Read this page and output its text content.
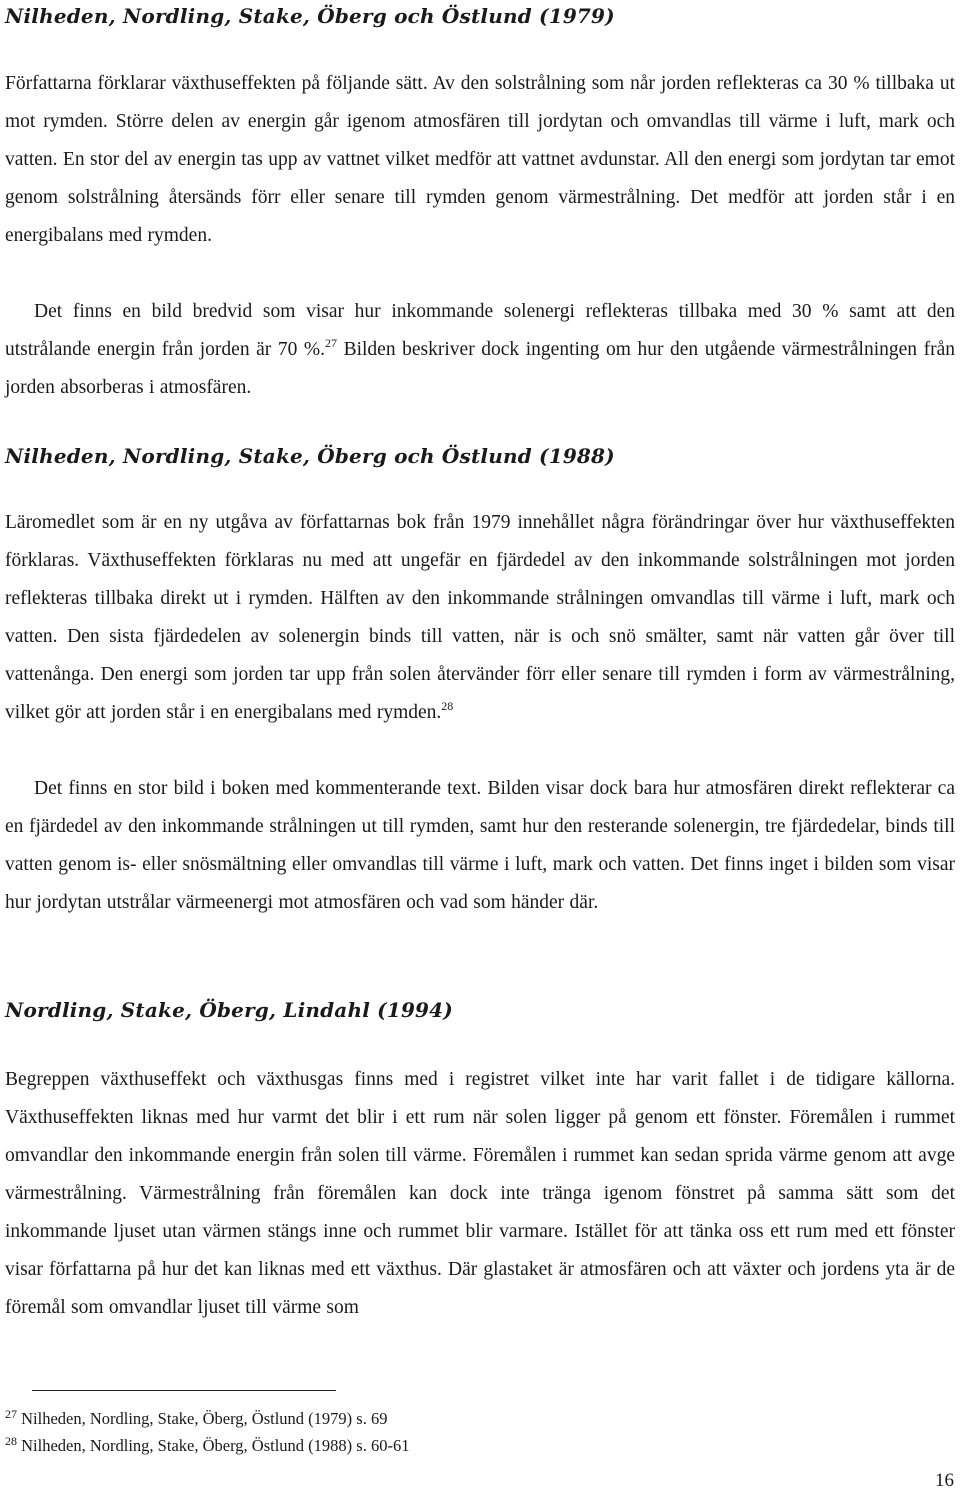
Nilheden, Nordling, Stake, Öberg och Östlund (1979)

Författarna förklarar växthuseffekten på följande sätt. Av den solstrålning som når jorden reflekteras ca 30 % tillbaka ut mot rymden. Större delen av energin går igenom atmosfären till jordytan och omvandlas till värme i luft, mark och vatten. En stor del av energin tas upp av vattnet vilket medför att vattnet avdunstar. All den energi som jordytan tar emot genom solstrålning återsänds förr eller senare till rymden genom värmestrålning. Det medför att jorden står i en energibalans med rymden.

Det finns en bild bredvid som visar hur inkommande solenergi reflekteras tillbaka med 30 % samt att den utstrålande energin från jorden är 70 %.$^{27}$ Bilden beskriver dock ingenting om hur den utgående värmestrålningen från jorden absorberas i atmosfären.

Nilheden, Nordling, Stake, Öberg och Östlund (1988)

Läromedlet som är en ny utgåva av författarnas bok från 1979 innehållet några förändringar över hur växthuseffekten förklaras. Växthuseffekten förklaras nu med att ungefär en fjärdedel av den inkommande solstrålningen mot jorden reflekteras tillbaka direkt ut i rymden. Hälften av den inkommande strålningen omvandlas till värme i luft, mark och vatten. Den sista fjärdedelen av solenergin binds till vatten, när is och snö smälter, samt när vatten går över till vattenånga. Den energi som jorden tar upp från solen återvänder förr eller senare till rymden i form av värmestrålning, vilket gör att jorden står i en energibalans med rymden.$^{28}$

Det finns en stor bild i boken med kommenterande text. Bilden visar dock bara hur atmosfären direkt reflekterar ca en fjärdedel av den inkommande strålningen ut till rymden, samt hur den resterande solenergin, tre fjärdedelar, binds till vatten genom is- eller snösmältning eller omvandlas till värme i luft, mark och vatten. Det finns inget i bilden som visar hur jordytan utstrålar värmeenergi mot atmosfären och vad som händer där.

Nordling, Stake, Öberg, Lindahl (1994)

Begreppen växthuseffekt och växthusgas finns med i registret vilket inte har varit fallet i de tidigare källorna. Växthuseffekten liknas med hur varmt det blir i ett rum när solen ligger på genom ett fönster. Föremålen i rummet omvandlar den inkommande energin från solen till värme. Föremålen i rummet kan sedan sprida värme genom att avge värmestrålning. Värmestrålning från föremålen kan dock inte tränga igenom fönstret på samma sätt som det inkommande ljuset utan värmen stängs inne och rummet blir varmare. Istället för att tänka oss ett rum med ett fönster visar författarna på hur det kan liknas med ett växthus. Där glastaket är atmosfären och att växter och jordens yta är de föremål som omvandlar ljuset till värme som

$^{27}$ Nilheden, Nordling, Stake, Öberg, Östlund (1979) s. 69

$^{28}$ Nilheden, Nordling, Stake, Öberg, Östlund (1988) s. 60-61

16
